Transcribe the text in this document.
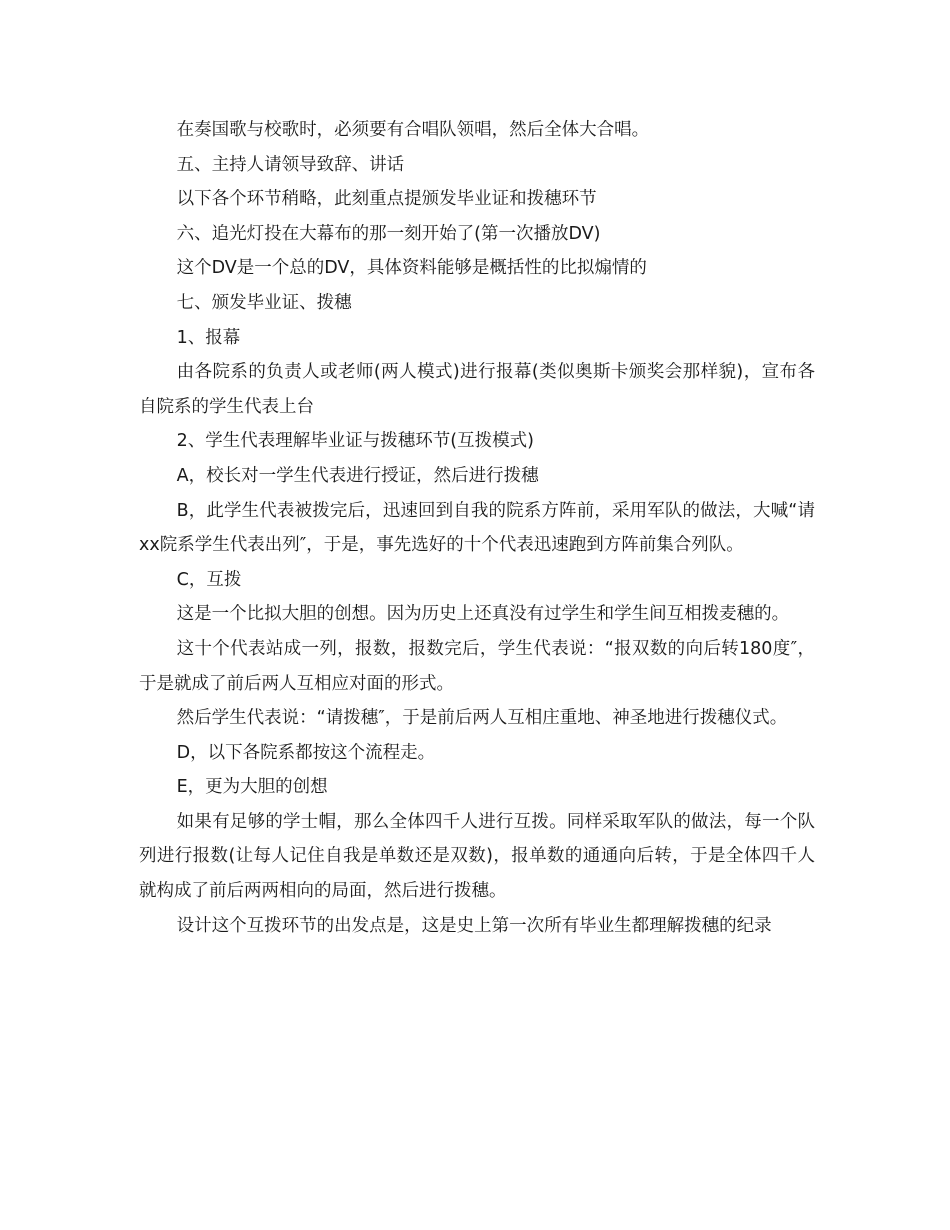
在奏国歌与校歌时，必须要有合唱队领唱，然后全体大合唱。

五、主持人请领导致辞、讲话

以下各个环节稍略，此刻重点提颁发毕业证和拨穗环节

六、追光灯投在大幕布的那一刻开始了(第一次播放DV)

这个DV是一个总的DV，具体资料能够是概括性的比拟煽情的

七、颁发毕业证、拨穗

1、报幕

由各院系的负责人或老师(两人模式)进行报幕(类似奥斯卡颁奖会那样貌)，宣布各自院系的学生代表上台

2、学生代表理解毕业证与拨穗环节(互拨模式)

A，校长对一学生代表进行授证，然后进行拨穗

B，此学生代表被拨完后，迅速回到自我的院系方阵前，采用军队的做法，大喊“请xx院系学生代表出列″，于是，事先选好的十个代表迅速跑到方阵前集合列队。

C，互拨

这是一个比拟大胆的创想。因为历史上还真没有过学生和学生间互相拨麦穗的。

这十个代表站成一列，报数，报数完后，学生代表说：“报双数的向后转180度″，于是就成了前后两人互相应对面的形式。

然后学生代表说：“请拨穗″，于是前后两人互相庄重地、神圣地进行拨穗仪式。

D，以下各院系都按这个流程走。

E，更为大胆的创想

如果有足够的学士帽，那么全体四千人进行互拨。同样采取军队的做法，每一个队列进行报数(让每人记住自我是单数还是双数)，报单数的通通向后转，于是全体四千人就构成了前后两两相向的局面，然后进行拨穗。

设计这个互拨环节的出发点是，这是史上第一次所有毕业生都理解拨穗的纪录
